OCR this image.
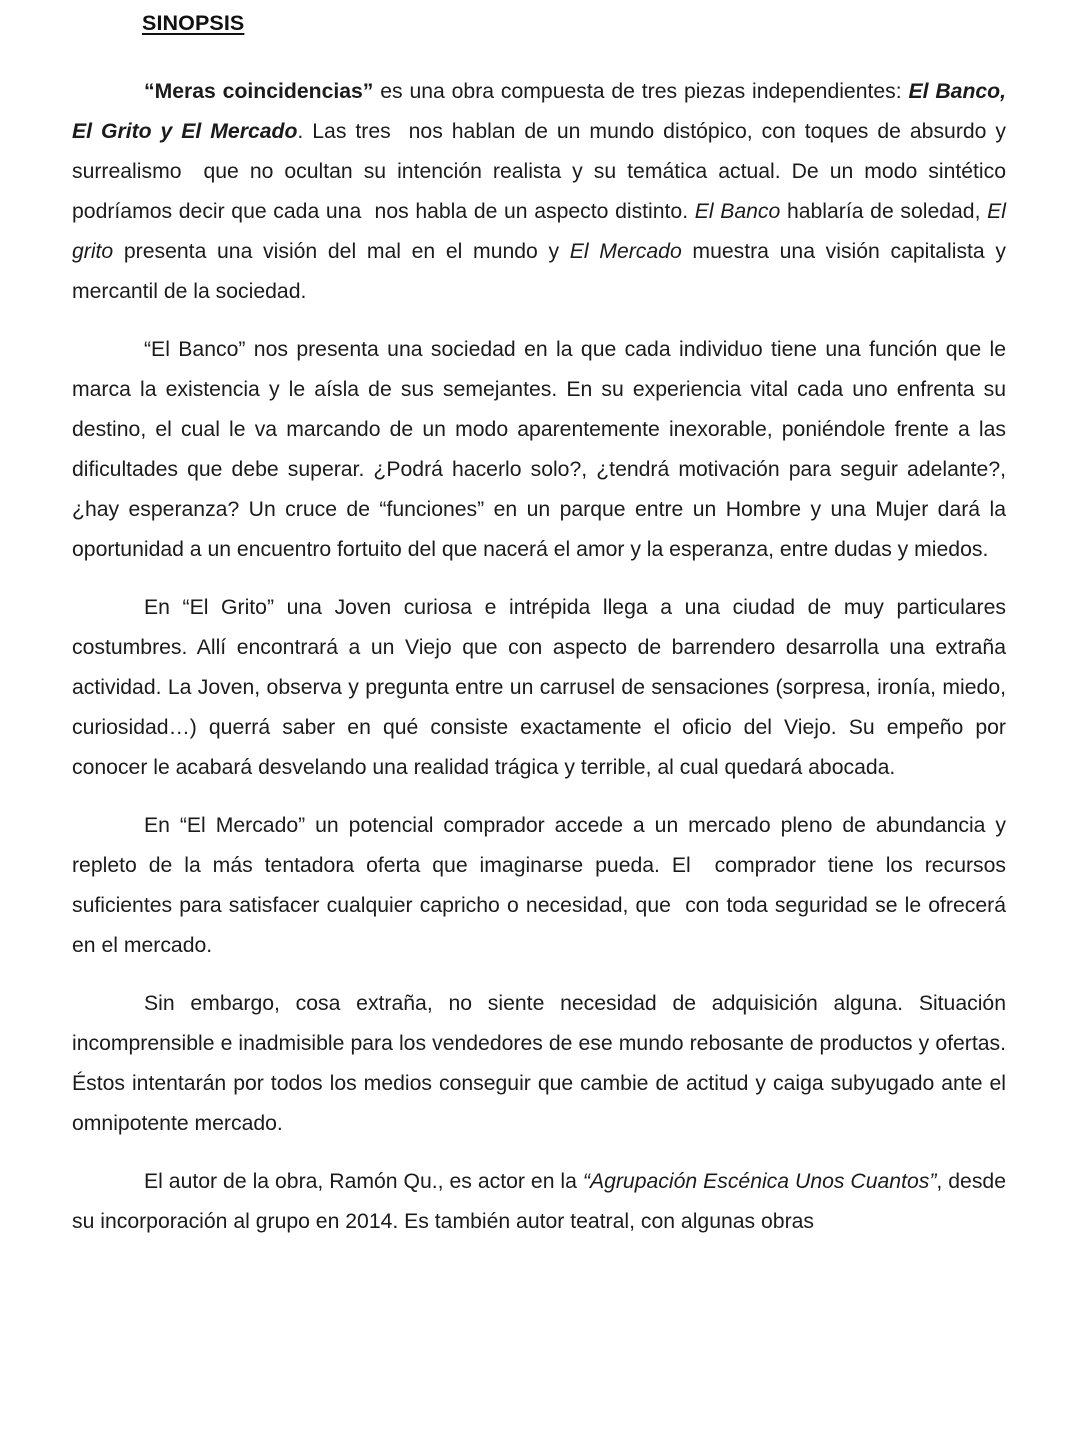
SINOPSIS

“Meras coincidencias” es una obra compuesta de tres piezas independientes: El Banco, El Grito y El Mercado. Las tres  nos hablan de un mundo distópico, con toques de absurdo y surrealismo  que no ocultan su intención realista y su temática actual. De un modo sintético podríamos decir que cada una  nos habla de un aspecto distinto. El Banco hablaría de soledad, El grito presenta una visión del mal en el mundo y El Mercado muestra una visión capitalista y mercantil de la sociedad.

“El Banco” nos presenta una sociedad en la que cada individuo tiene una función que le marca la existencia y le aísla de sus semejantes. En su experiencia vital cada uno enfrenta su destino, el cual le va marcando de un modo aparentemente inexorable, poniéndole frente a las dificultades que debe superar. ¿Podrá hacerlo solo?, ¿tendrá motivación para seguir adelante?, ¿hay esperanza? Un cruce de “funciones” en un parque entre un Hombre y una Mujer dará la oportunidad a un encuentro fortuito del que nacerá el amor y la esperanza, entre dudas y miedos.

En “El Grito” una Joven curiosa e intrépida llega a una ciudad de muy particulares costumbres. Allí encontrará a un Viejo que con aspecto de barrendero desarrolla una extraña actividad. La Joven, observa y pregunta entre un carrusel de sensaciones (sorpresa, ironía, miedo, curiosidad…) querrá saber en qué consiste exactamente el oficio del Viejo. Su empeño por conocer le acabará desvelando una realidad trágica y terrible, al cual quedará abocada.

En “El Mercado” un potencial comprador accede a un mercado pleno de abundancia y repleto de la más tentadora oferta que imaginarse pueda. El  comprador tiene los recursos suficientes para satisfacer cualquier capricho o necesidad, que  con toda seguridad se le ofrecerá en el mercado.

Sin embargo, cosa extraña, no siente necesidad de adquisición alguna. Situación incomprensible e inadmisible para los vendedores de ese mundo rebosante de productos y ofertas. Éstos intentarán por todos los medios conseguir que cambie de actitud y caiga subyugado ante el omnipotente mercado.

El autor de la obra, Ramón Qu., es actor en la “Agrupación Escénica Unos Cuantos”, desde su incorporación al grupo en 2014. Es también autor teatral, con algunas obras
